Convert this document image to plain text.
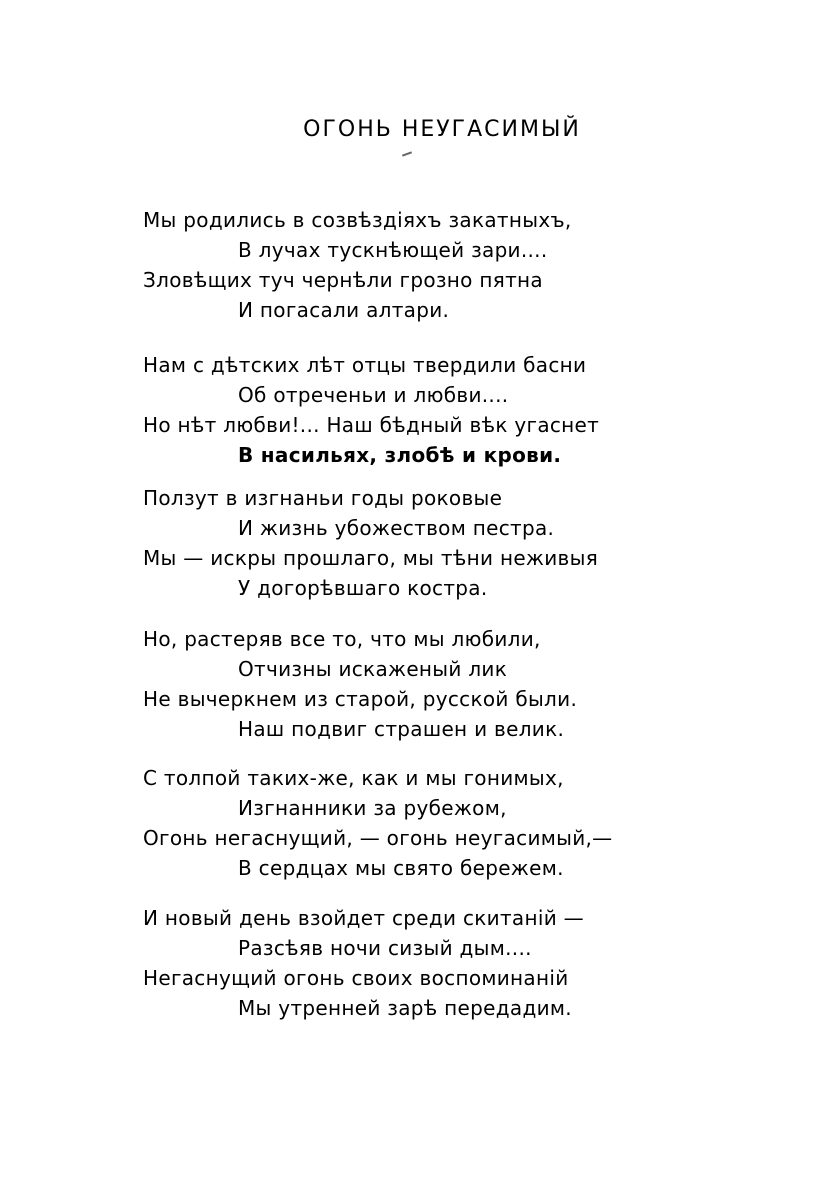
ОГОНЬ НЕУГАСИМЫЙ
Мы родились в созвѣздіяхъ закатныхъ,
В лучах тускнѣющей зари....
Зловѣщих туч чернѣли грозно пятна
И погасали алтари.
Нам с дѣтских лѣт отцы твердили басни
Об отреченьи и любви....
Но нѣт любви!... Наш бѣдный вѣк угаснет
В насильях, злобѣ и крови.
Ползут в изгнаньи годы роковые
И жизнь убожеством пестра.
Мы — искры прошлаго, мы тѣни неживыя
У догорѣвшаго костра.
Но, растеряв все то, что мы любили,
Отчизны искаженый лик
Не вычеркнем из старой, русской были.
Наш подвиг страшен и велик.
С толпой таких-же, как и мы гонимых,
Изгнанники за рубежом,
Огонь негаснущий, — огонь неугасимый,—
В сердцах мы свято бережем.
И новый день взойдет среди скитаній —
Разсѣяв ночи сизый дым....
Негаснущий огонь своих воспоминаній
Мы утренней зарѣ передадим.
